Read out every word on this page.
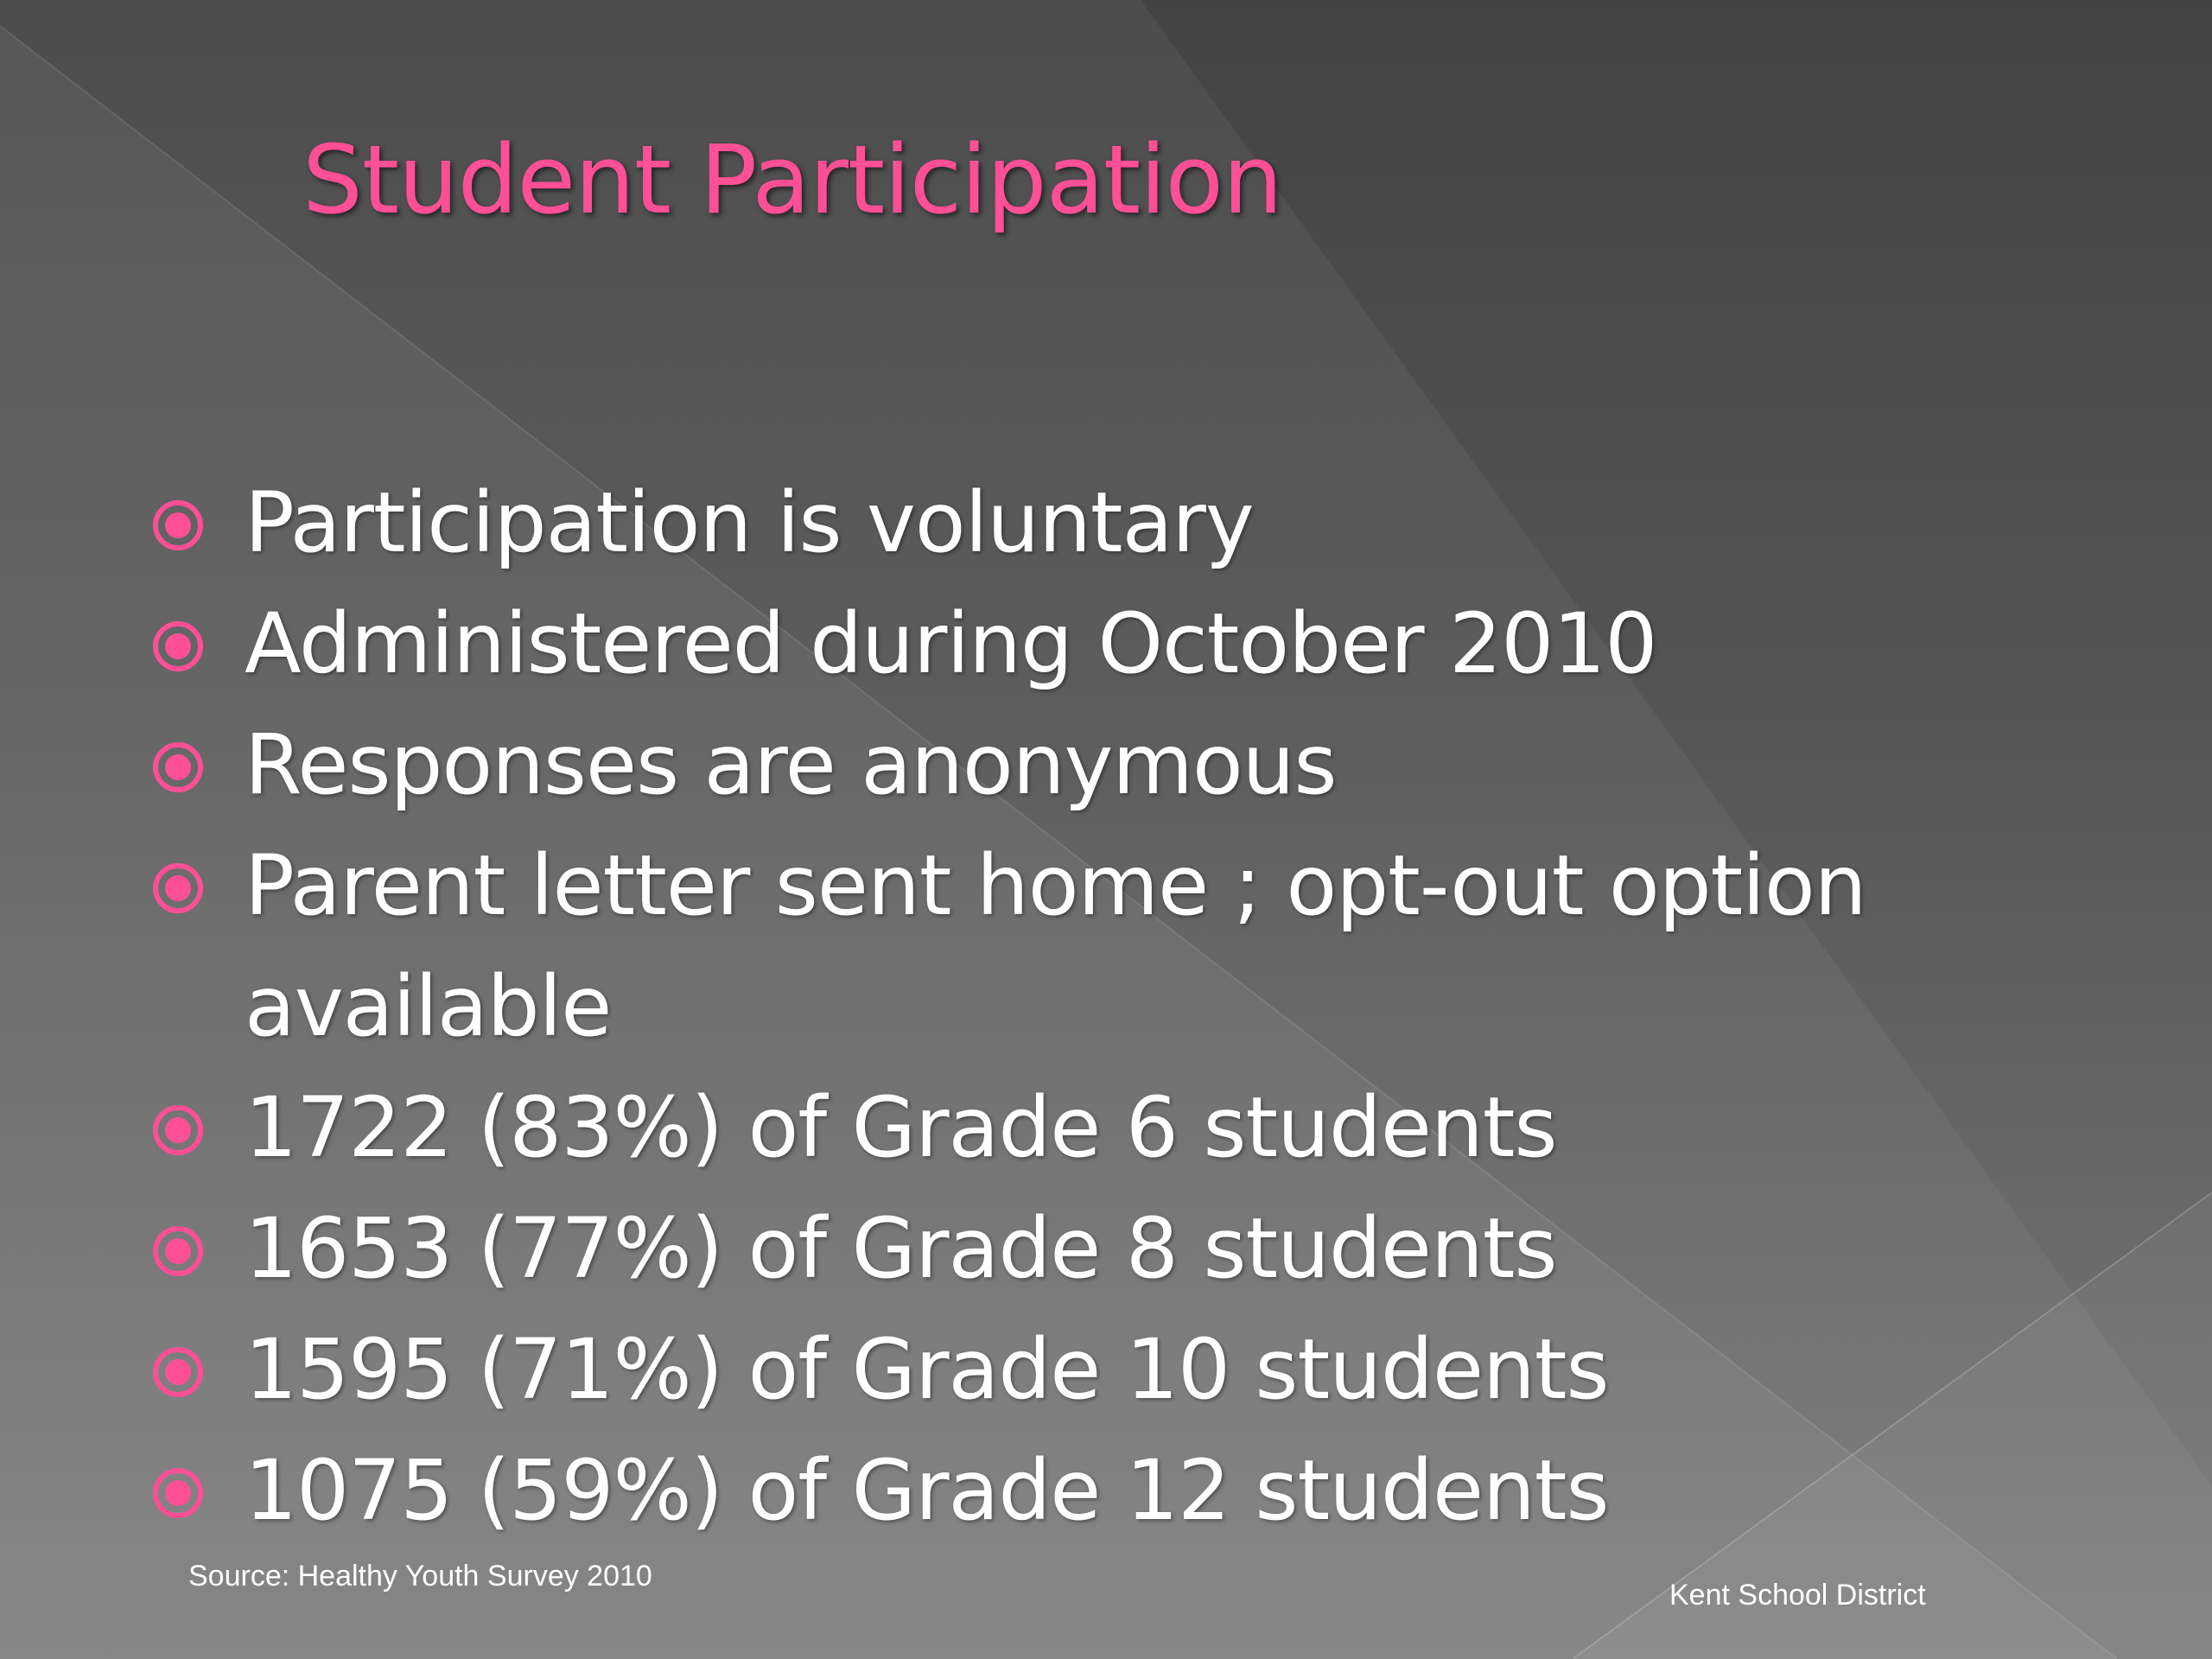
Student Participation
Participation is voluntary
Administered during October 2010
Responses are anonymous
Parent letter sent home ; opt-out option available
1722 (83%) of Grade 6 students
1653 (77%) of Grade 8 students
1595 (71%) of Grade 10 students
1075 (59%) of Grade 12 students
Source: Healthy Youth Survey 2010
Kent School District
